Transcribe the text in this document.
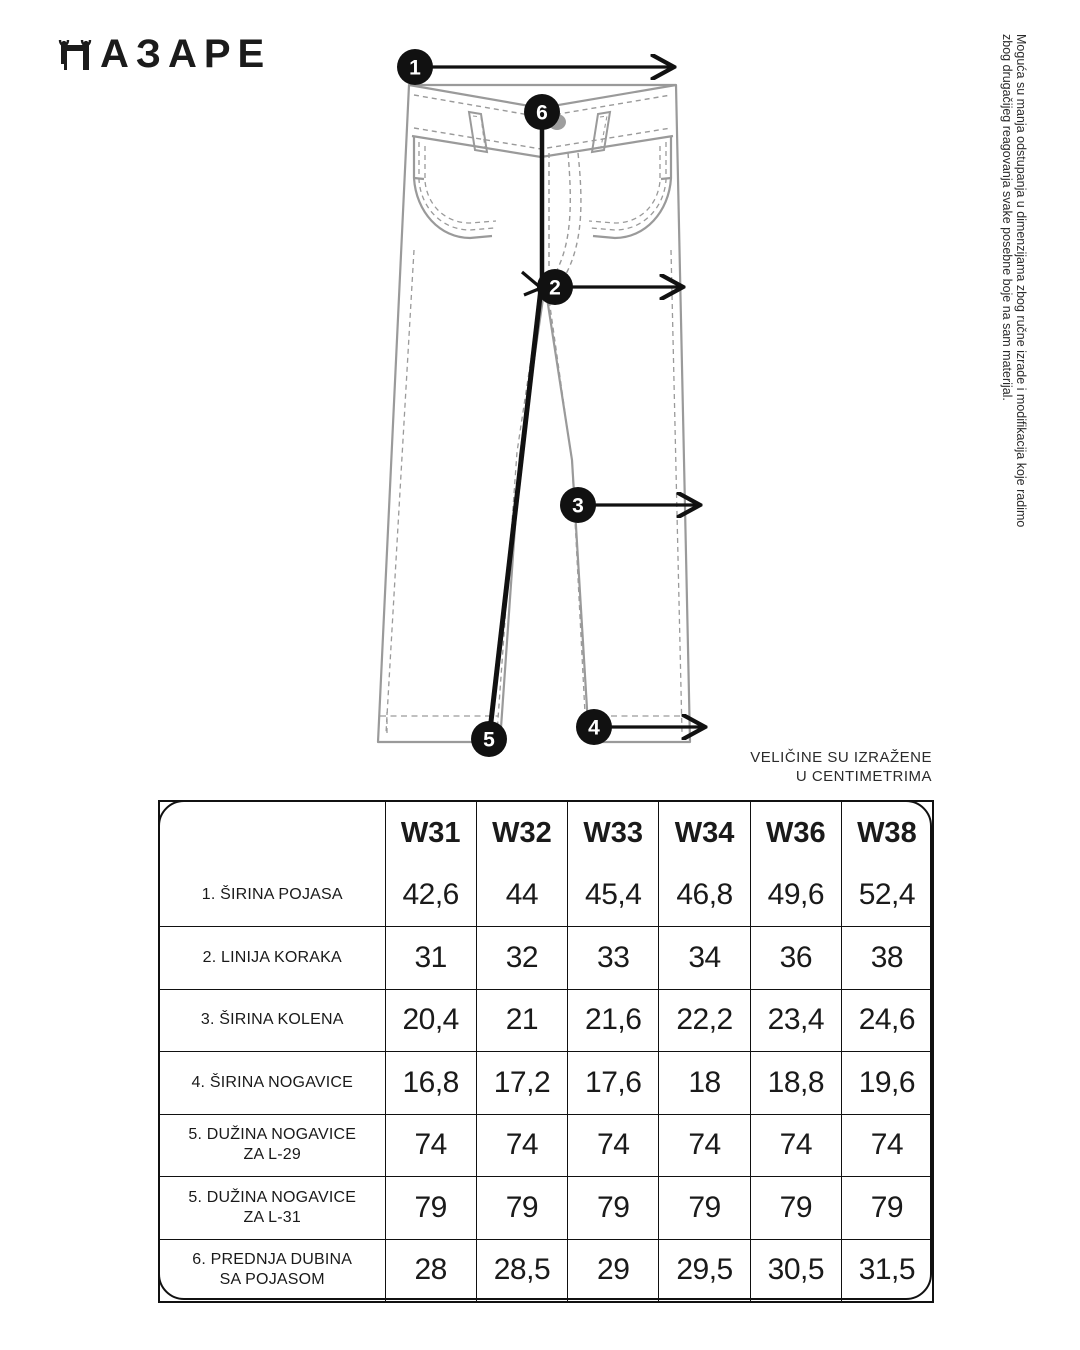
АЗАРЕ	Moguća su manja odstupanja u dimenzijama zbog ručne izrade i modifikacija koje radimo zbog drugačijeg reagovanja svake posebne boje na sam materijal.
1
2
3
4
5
6
VELIČINE SU IZRAŽENE
U CENTIMETRIMA
	W31	W32	W33	W34	W36	W38
1. ŠIRINA POJASA	42,6	44	45,4	46,8	49,6	52,4
2. LINIJA KORAKA	31	32	33	34	36	38
3. ŠIRINA KOLENA	20,4	21	21,6	22,2	23,4	24,6
4. ŠIRINA NOGAVICE	16,8	17,2	17,6	18	18,8	19,6
5. DUŽINA NOGAVICE
ZA L-29	74	74	74	74	74	74
5. DUŽINA NOGAVICE
ZA L-31	79	79	79	79	79	79
6. PREDNJA DUBINA
SA POJASOM	28	28,5	29	29,5	30,5	31,5
